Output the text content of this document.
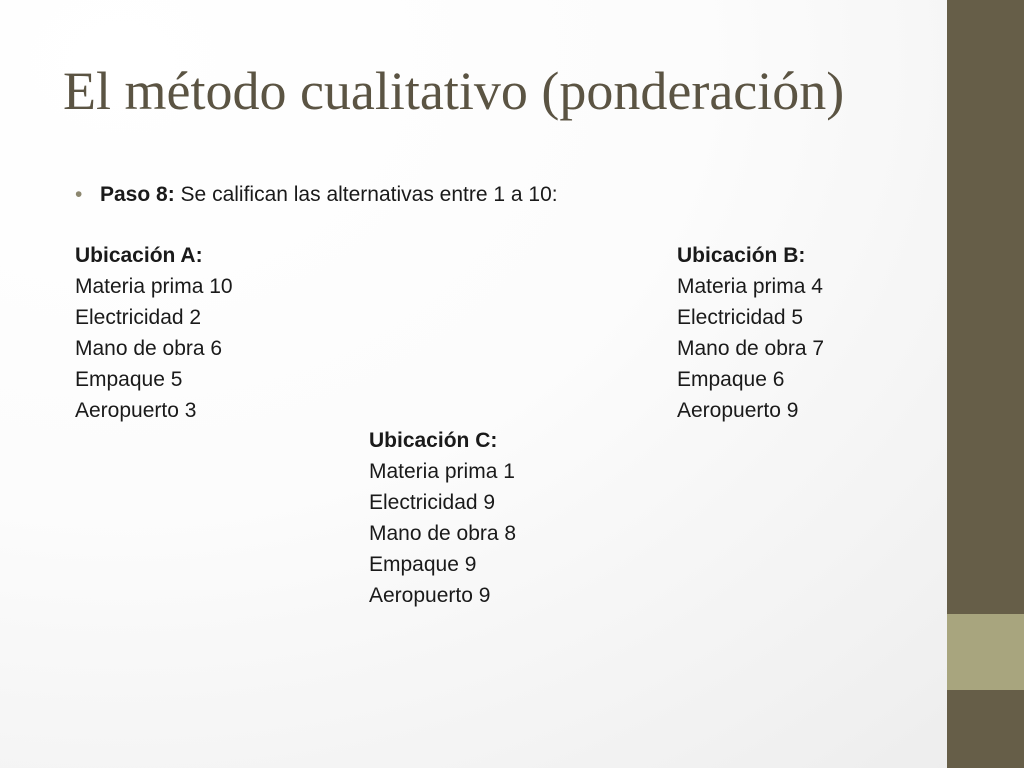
El método cualitativo (ponderación)
• Paso 8: Se califican las alternativas entre 1 a 10:
Ubicación A:
Materia prima 10
Electricidad 2
Mano de obra 6
Empaque 5
Aeropuerto 3
Ubicación B:
Materia prima 4
Electricidad 5
Mano de obra 7
Empaque 6
Aeropuerto 9
Ubicación C:
Materia prima 1
Electricidad 9
Mano de obra 8
Empaque 9
Aeropuerto 9
